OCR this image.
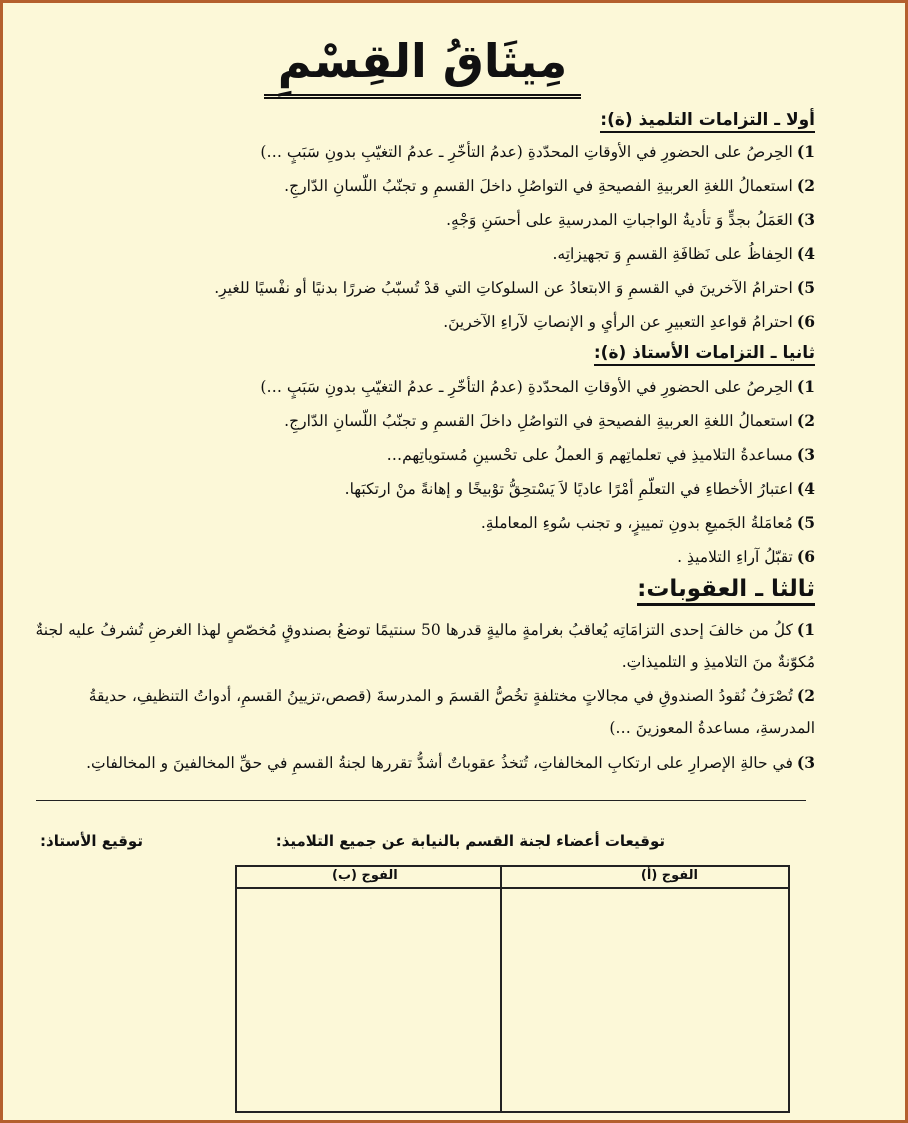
مِيثَاقُ القِسْمِ
أولا ـ التزامات التلميذ (ة):
1)الحِرصُ على الحضورِ في الأوقاتِ المحدّدةِ (عدمُ التأخّرِ ـ عدمُ التغيّبِ بدونِ سَبَبٍ …)
2)استعمالُ اللغةِ العربيةِ الفصيحةِ في التواصُلِ داخلَ القسمِ و تجنّبُ اللّسانِ الدّارجِ.
3)العَمَلُ بجدٍّ وَ تأديةُ الواجباتِ المدرسيةِ على أحسَنِ وَجْهٍ.
4)الحِفاظُ على نَظافَةِ القسمِ وَ تجهيزاتِه.
5)احترامُ الآخرينَ في القسمِ وَ الابتعادُ عن السلوكاتِ التي قدْ تُسبّبُ ضررًا بدنيًا أو نفْسيًا للغيرِ.
6)احترامُ قواعدِ التعبيرِ عن الرأيِ و الإنصاتِ لآراءِ الآخرينَ.
ثانيا ـ التزامات الأستاذ (ة):
1)الحِرصُ على الحضورِ في الأوقاتِ المحدّدةِ (عدمُ التأخّرِ ـ عدمُ التغيّبِ بدونِ سَبَبٍ …)
2)استعمالُ اللغةِ العربيةِ الفصيحةِ في التواصُلِ داخلَ القسمِ و تجنّبُ اللّسانِ الدّارجِ.
3)مساعدةُ التلاميذِ في تعلماتِهم وَ العملُ على تحْسينِ مُستوياتِهم…
4)اعتبارُ الأخطاءِ في التعلّمِ أمْرًا عاديًا لاَ يَسْتحِقُّ توْبيخًا و إهانةً منْ ارتكبَها.
5)مُعامَلةُ الجَميعِ بدونِ تمييزٍ، و تجنب سُوءِ المعاملةِ.
6)تقبّلُ آراءِ التلاميذِ .
ثالثا ـ العقوبات:
1)كلُ من خالفَ إحدى التزامَاتِه يُعاقبُ بغرامةٍ ماليةٍ قدرها 50 سنتيمًا توضعُ بصندوقٍ مُخصّصٍ لهذا الغرضِ تُشرفُ عليه لجنةٌ مُكوّنةٌ منَ التلاميذِ و التلميذاتِ.
2)تُصْرَفُ نُقودُ الصندوقِ في مجالاتٍ مختلفةٍ تخُصُّ القسمَ و المدرسةَ (قصص،تزيينُ القسمِ، أدواتُ التنظيفِ، حديقةُ المدرسةِ، مساعدةُ المعوزينَ …)
3)في حالةِ الإصرارِ على ارتكابِ المخالفاتِ، تُتخذُ عقوباتٌ أشدُّ تقررها لجنةُ القسمِ في حقِّ المخالفينَ و المخالفاتِ.
توقيعات أعضاء لجنة القسم بالنيابة عن جميع التلاميذ:
توقيع الأستاذ:
الفوج (أ)
الفوج (ب)
